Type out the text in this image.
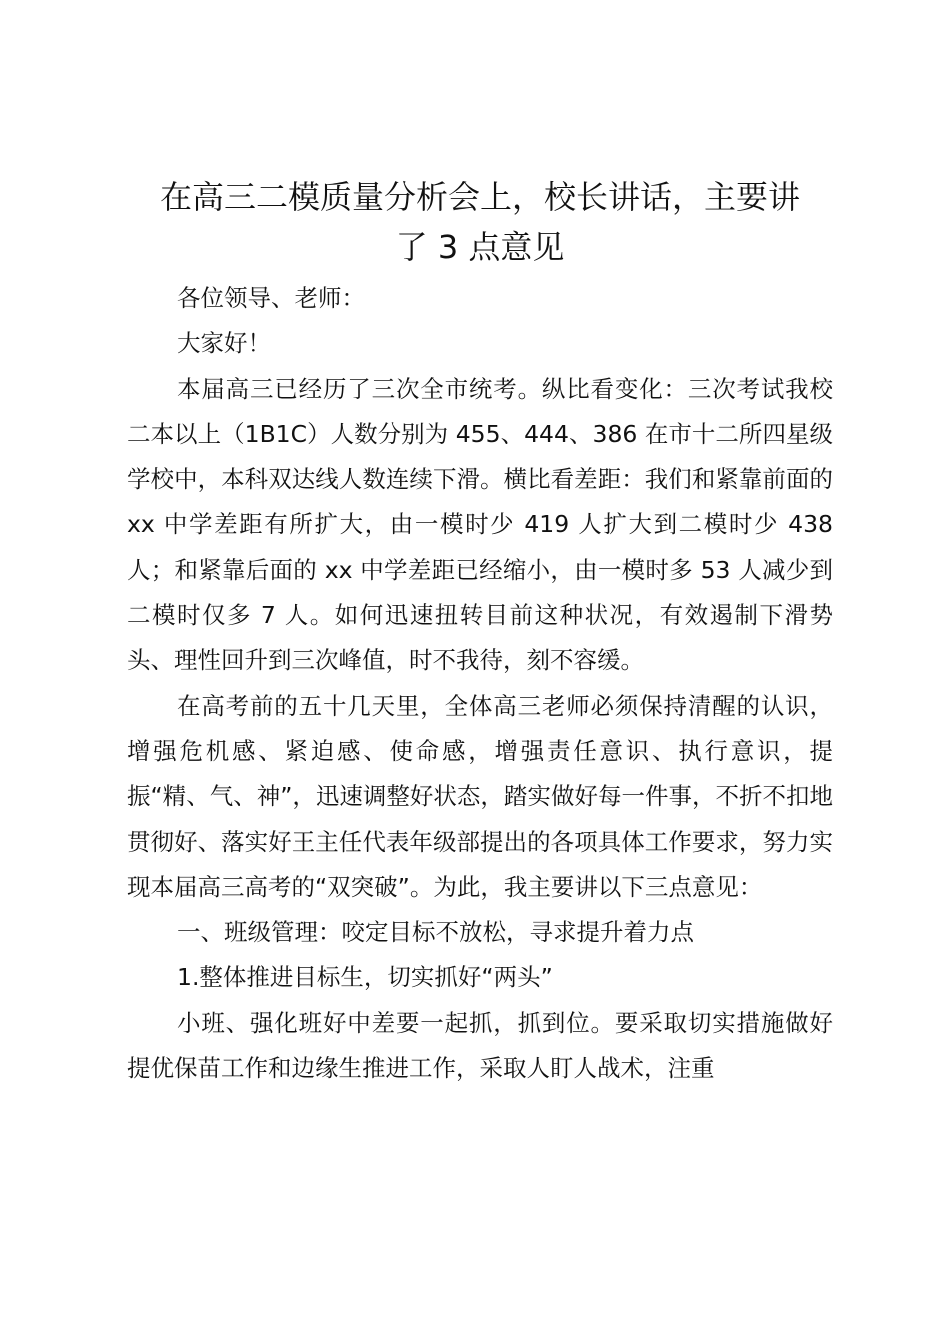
在高三二模质量分析会上，校长讲话，主要讲
了 3 点意见

各位领导、老师：

大家好！

本届高三已经历了三次全市统考。纵比看变化：三次考试我校二本以上（1B1C）人数分别为 455、444、386 在市十二所四星级学校中，本科双达线人数连续下滑。横比看差距：我们和紧靠前面的 xx 中学差距有所扩大，由一模时少 419 人扩大到二模时少 438 人；和紧靠后面的 xx 中学差距已经缩小，由一模时多 53 人减少到二模时仅多 7 人。如何迅速扭转目前这种状况，有效遏制下滑势头、理性回升到三次峰值，时不我待，刻不容缓。

在高考前的五十几天里，全体高三老师必须保持清醒的认识，增强危机感、紧迫感、使命感，增强责任意识、执行意识，提振“精、气、神”，迅速调整好状态，踏实做好每一件事，不折不扣地贯彻好、落实好王主任代表年级部提出的各项具体工作要求，努力实现本届高三高考的“双突破”。为此，我主要讲以下三点意见：

一、班级管理：咬定目标不放松，寻求提升着力点

1.整体推进目标生，切实抓好“两头”

小班、强化班好中差要一起抓，抓到位。要采取切实措施做好提优保苗工作和边缘生推进工作，采取人盯人战术，注重
